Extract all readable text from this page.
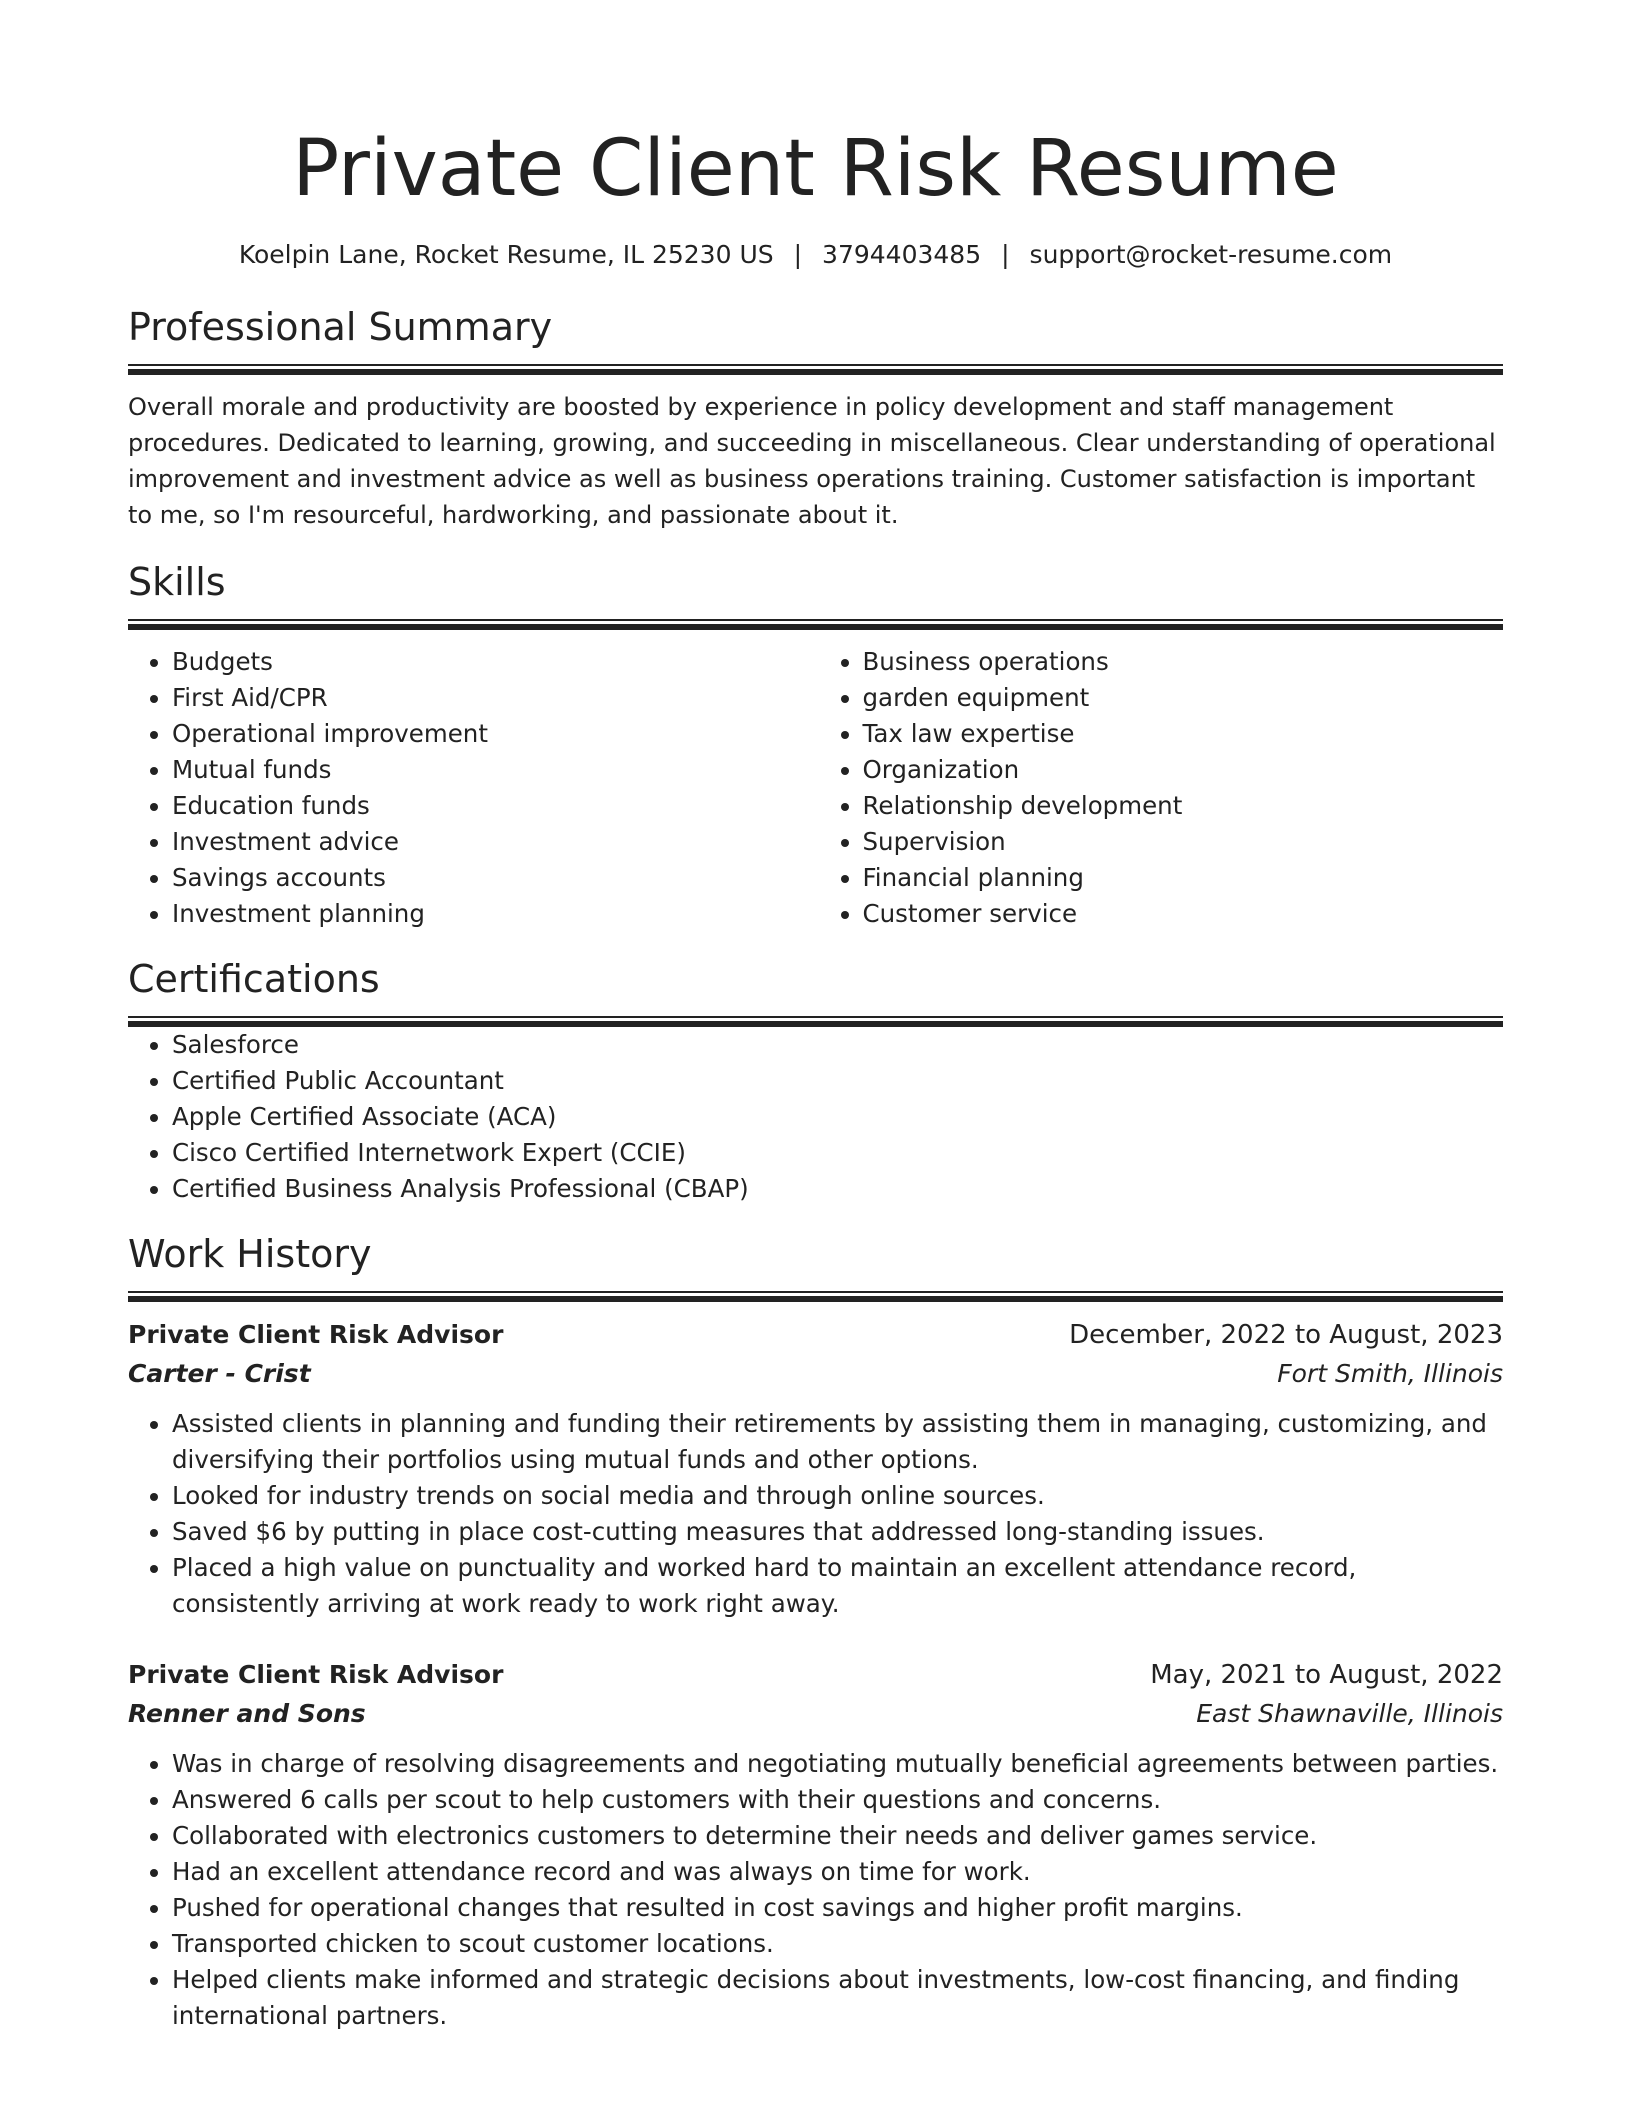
Private Client Risk Resume
Koelpin Lane, Rocket Resume, IL 25230 US | 3794403485 | support@rocket-resume.com
Professional Summary

Overall morale and productivity are boosted by experience in policy development and staff management procedures. Dedicated to learning, growing, and succeeding in miscellaneous. Clear understanding of operational improvement and investment advice as well as business operations training. Customer satisfaction is important to me, so I'm resourceful, hardworking, and passionate about it.

Skills
• Budgets
• First Aid/CPR
• Operational improvement
• Mutual funds
• Education funds
• Investment advice
• Savings accounts
• Investment planning
• Business operations
• garden equipment
• Tax law expertise
• Organization
• Relationship development
• Supervision
• Financial planning
• Customer service
Certifications
• Salesforce
• Certified Public Accountant
• Apple Certified Associate (ACA)
• Cisco Certified Internetwork Expert (CCIE)
• Certified Business Analysis Professional (CBAP)
Work History
Private Client Risk Advisor	December, 2022 to August, 2023
Carter - Crist	Fort Smith, Illinois
• Assisted clients in planning and funding their retirements by assisting them in managing, customizing, and diversifying their portfolios using mutual funds and other options.
• Looked for industry trends on social media and through online sources.
• Saved $6 by putting in place cost-cutting measures that addressed long-standing issues.
• Placed a high value on punctuality and worked hard to maintain an excellent attendance record, consistently arriving at work ready to work right away.
Private Client Risk Advisor	May, 2021 to August, 2022
Renner and Sons	East Shawnaville, Illinois
• Was in charge of resolving disagreements and negotiating mutually beneficial agreements between parties.
• Answered 6 calls per scout to help customers with their questions and concerns.
• Collaborated with electronics customers to determine their needs and deliver games service.
• Had an excellent attendance record and was always on time for work.
• Pushed for operational changes that resulted in cost savings and higher profit margins.
• Transported chicken to scout customer locations.
• Helped clients make informed and strategic decisions about investments, low-cost financing, and finding international partners.
